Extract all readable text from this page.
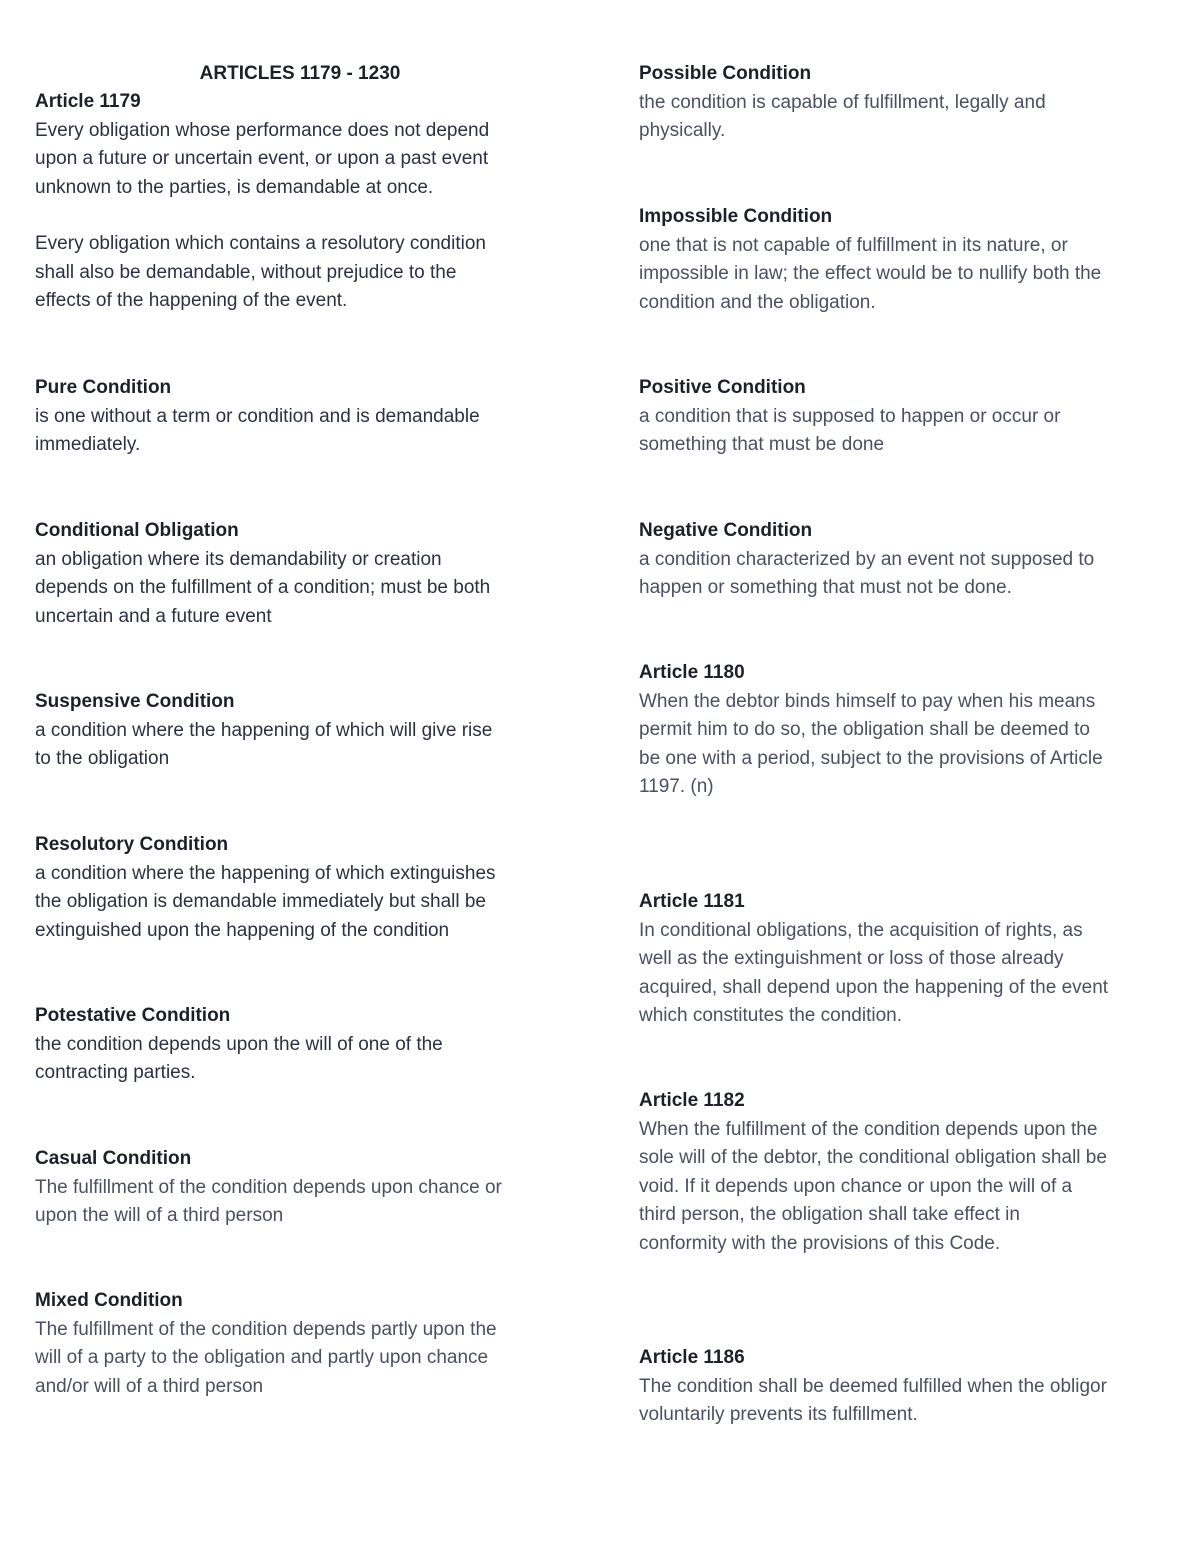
ARTICLES 1179 - 1230
Article 1179
Every obligation whose performance does not depend
upon a future or uncertain event, or upon a past event
unknown to the parties, is demandable at once.
Every obligation which contains a resolutory condition
shall also be demandable, without prejudice to the
effects of the happening of the event.
Pure Condition
is one without a term or condition and is demandable
immediately.
Conditional Obligation
an obligation where its demandability or creation
depends on the fulfillment of a condition; must be both
uncertain and a future event
Suspensive Condition
a condition where the happening of which will give rise
to the obligation
Resolutory Condition
a condition where the happening of which extinguishes
the obligation is demandable immediately but shall be
extinguished upon the happening of the condition
Potestative Condition
the condition depends upon the will of one of the
contracting parties.
Casual Condition
The fulfillment of the condition depends upon chance or
upon the will of a third person
Mixed Condition
The fulfillment of the condition depends partly upon the
will of a party to the obligation and partly upon chance
and/or will of a third person
Possible Condition
the condition is capable of fulfillment, legally and
physically.
Impossible Condition
one that is not capable of fulfillment in its nature, or
impossible in law; the effect would be to nullify both the
condition and the obligation.
Positive Condition
a condition that is supposed to happen or occur or
something that must be done
Negative Condition
a condition characterized by an event not supposed to
happen or something that must not be done.
Article 1180
When the debtor binds himself to pay when his means
permit him to do so, the obligation shall be deemed to
be one with a period, subject to the provisions of Article
1197. (n)
Article 1181
In conditional obligations, the acquisition of rights, as
well as the extinguishment or loss of those already
acquired, shall depend upon the happening of the event
which constitutes the condition.
Article 1182
When the fulfillment of the condition depends upon the
sole will of the debtor, the conditional obligation shall be
void. If it depends upon chance or upon the will of a
third person, the obligation shall take effect in
conformity with the provisions of this Code.
Article 1186
The condition shall be deemed fulfilled when the obligor
voluntarily prevents its fulfillment.
